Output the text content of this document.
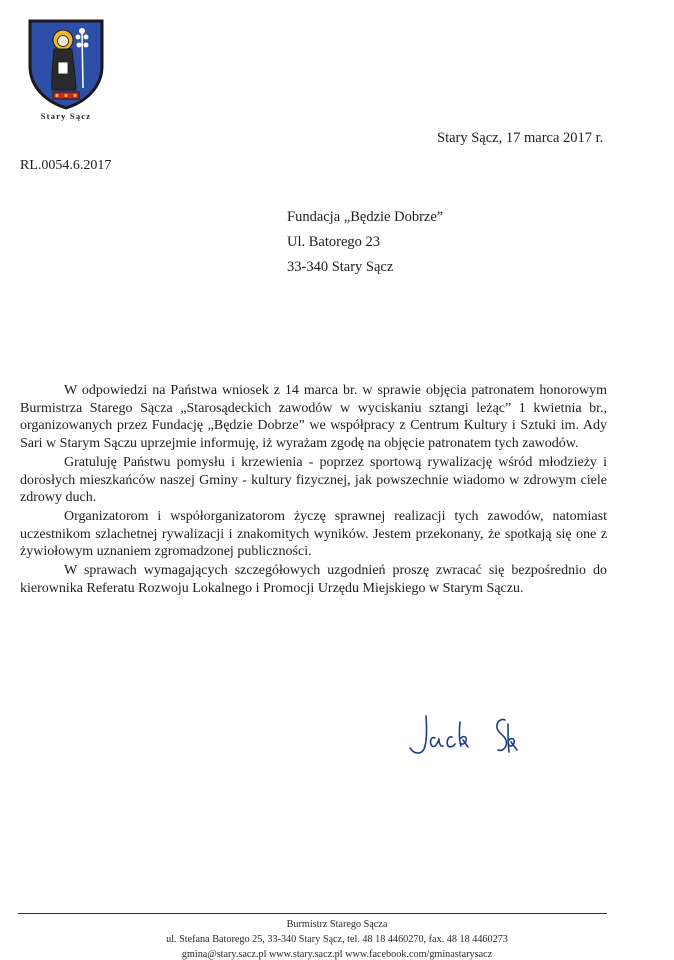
Stary Sącz
Stary Sącz, 17 marca 2017 r.
RL.0054.6.2017
Fundacja „Będzie Dobrze”
Ul. Batorego 23
33-340 Stary Sącz

W odpowiedzi na Państwa wniosek z 14 marca br. w sprawie objęcia patronatem honorowym Burmistrza Starego Sącza „Starosądeckich zawodów w wyciskaniu sztangi leżąc” 1 kwietnia br., organizowanych przez Fundację „Będzie Dobrze” we współpracy z Centrum Kultury i Sztuki im. Ady Sari w Starym Sączu uprzejmie informuję, iż wyrażam zgodę na objęcie patronatem tych zawodów.

Gratuluję Państwu pomysłu i krzewienia - poprzez sportową rywalizację wśród młodzieży i dorosłych mieszkańców naszej Gminy - kultury fizycznej, jak powszechnie wiadomo w zdrowym ciele zdrowy duch.

Organizatorom i współorganizatorom życzę sprawnej realizacji tych zawodów, natomiast uczestnikom szlachetnej rywalizacji i znakomitych wyników. Jestem przekonany, że spotkają się one z żywiołowym uznaniem zgromadzonej publiczności.

W sprawach wymagających szczegółowych uzgodnień proszę zwracać się bezpośrednio do kierownika Referatu Rozwoju Lokalnego i Promocji Urzędu Miejskiego w Starym Sączu.

Burmistrz Starego Sącza
ul. Stefana Batorego 25, 33-340 Stary Sącz, tel. 48 18 4460270, fax. 48 18 4460273
gmina@stary.sacz.pl www.stary.sacz.pl www.facebook.com/gminastarysacz
